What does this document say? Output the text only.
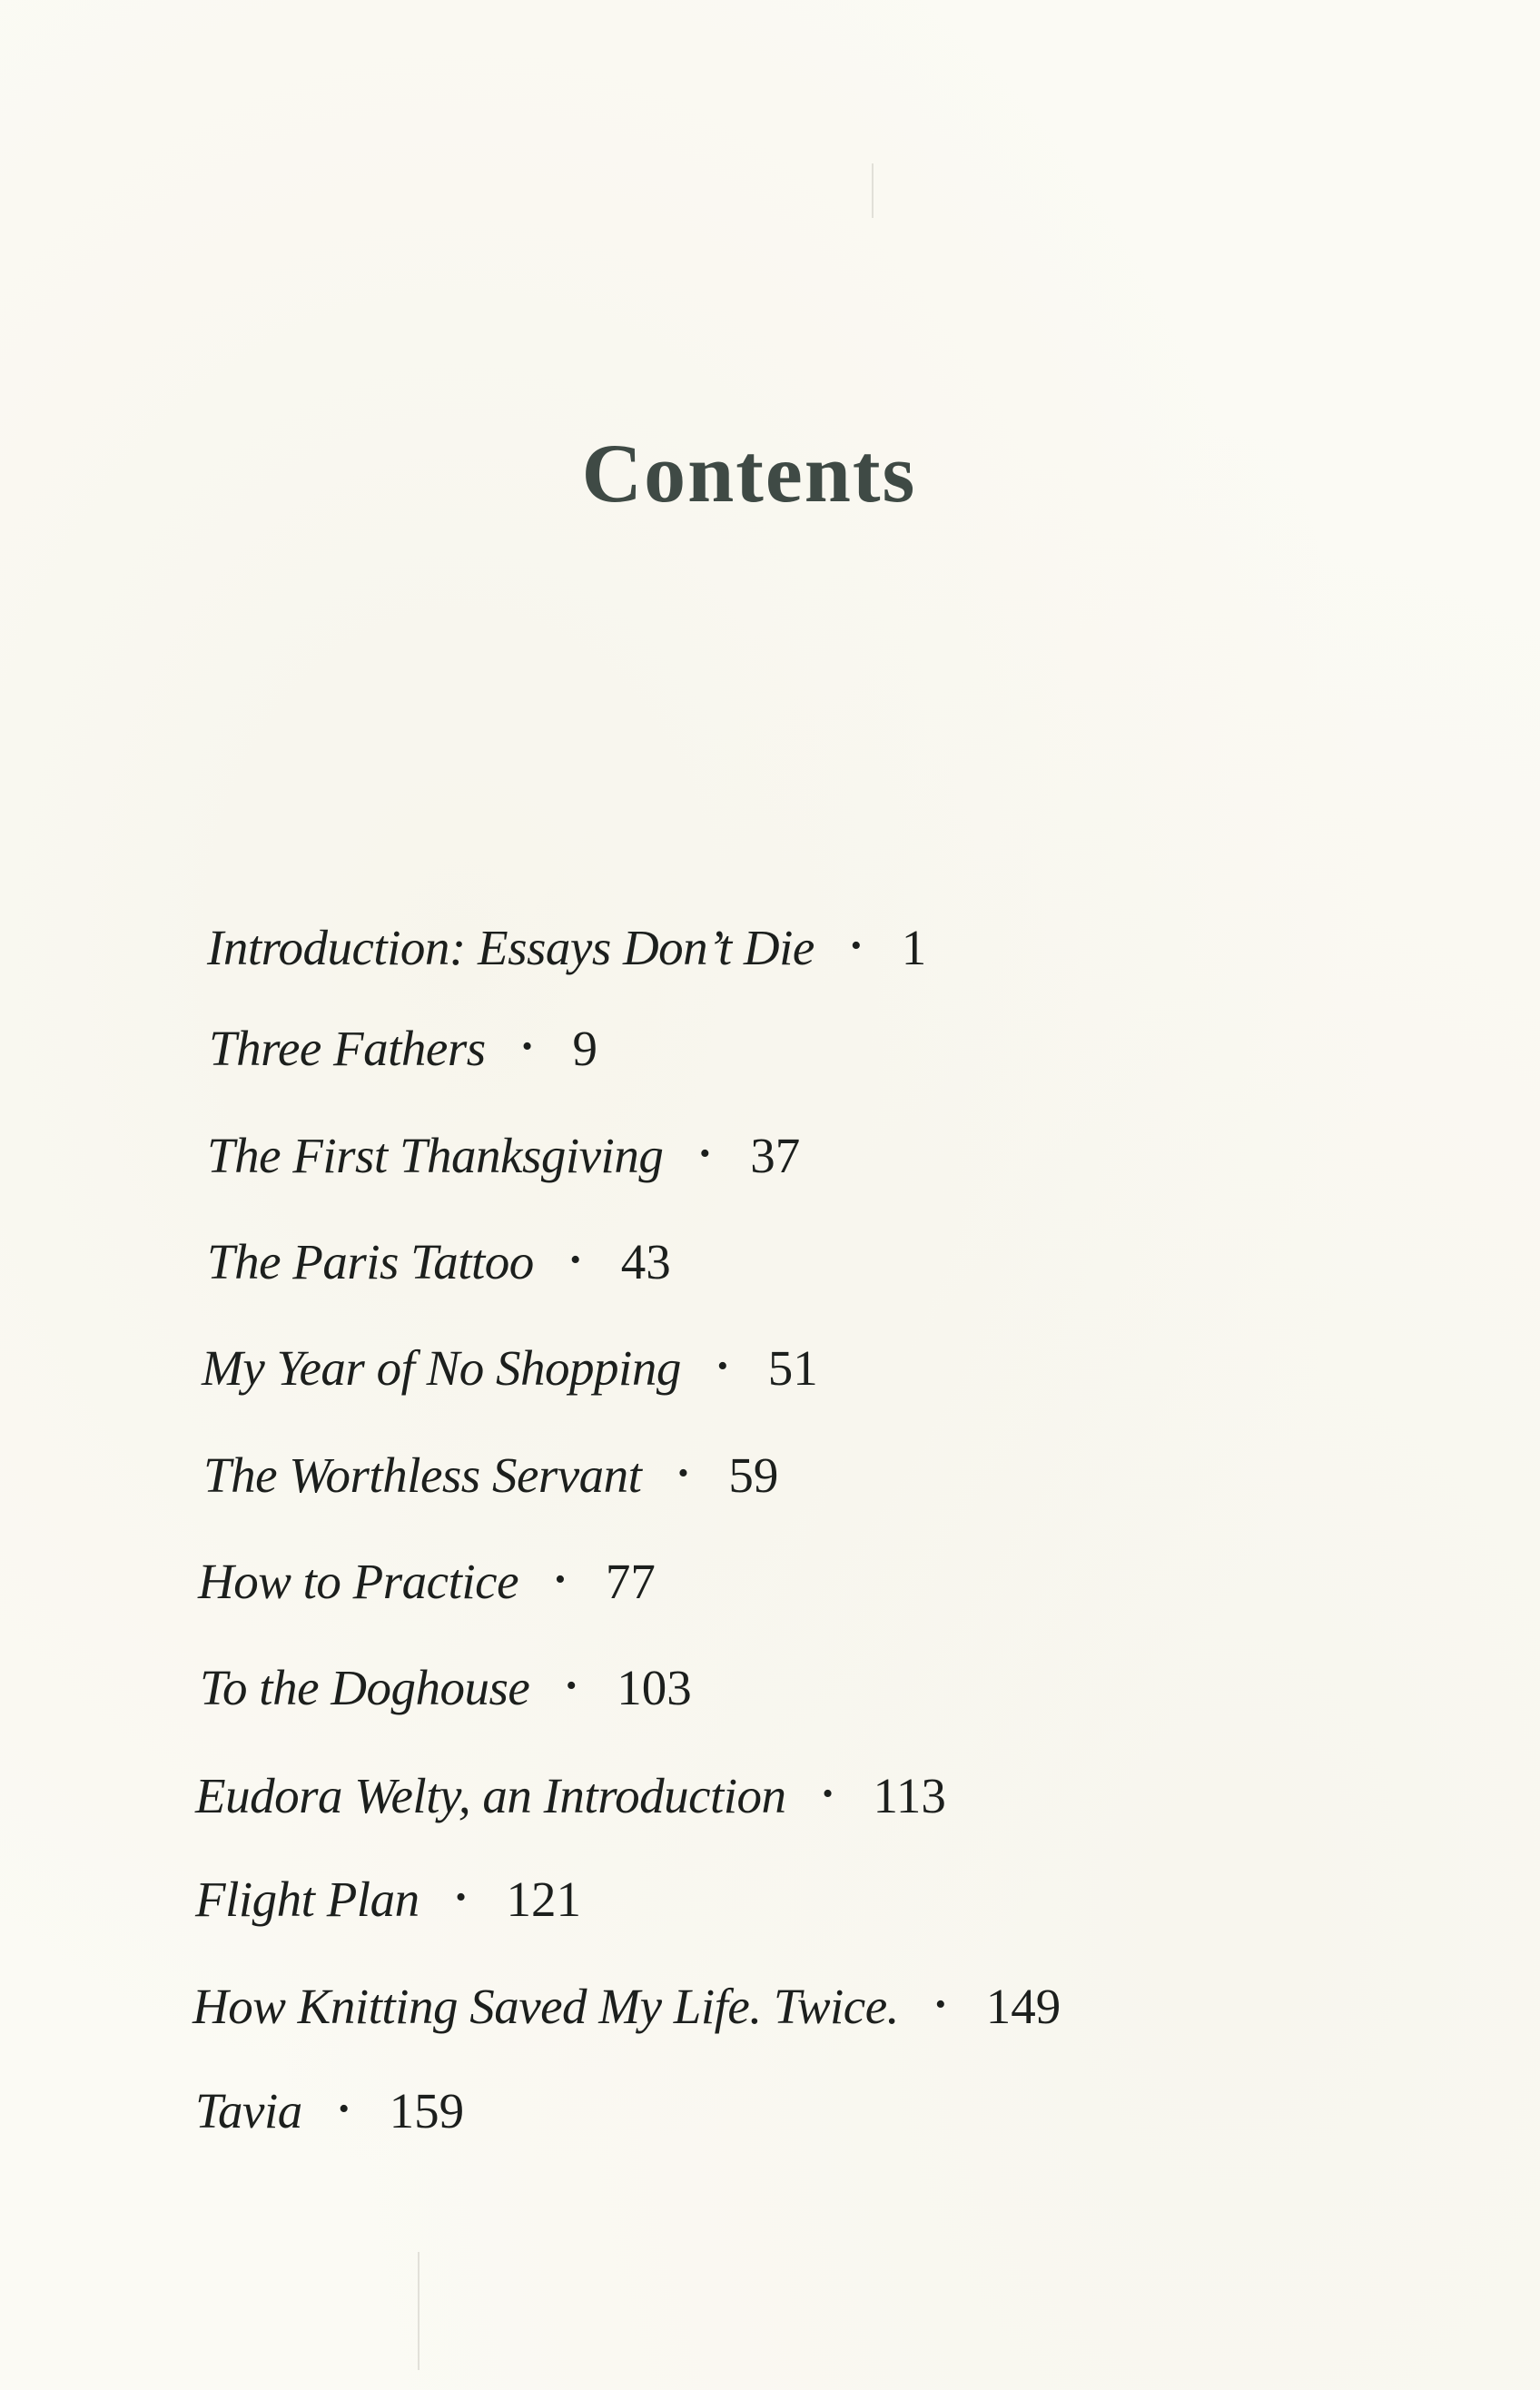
Contents
Introduction: Essays Don’t Die • 1
Three Fathers • 9
The First Thanksgiving • 37
The Paris Tattoo • 43
My Year of No Shopping • 51
The Worthless Servant • 59
How to Practice • 77
To the Doghouse • 103
Eudora Welty, an Introduction • 113
Flight Plan • 121
How Knitting Saved My Life. Twice. • 149
Tavia • 159
